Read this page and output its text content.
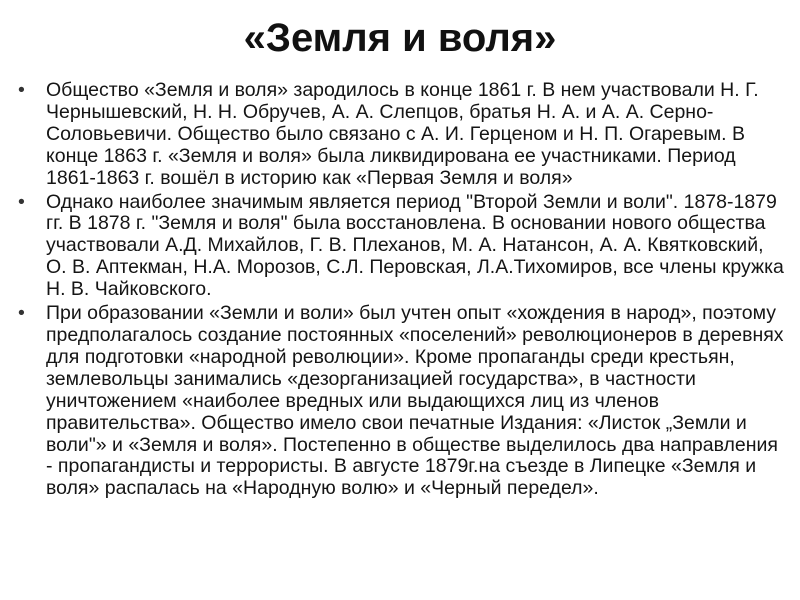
«Земля и воля»
•	Общество «Земля и воля» зародилось в конце 1861 г. В нем участвовали Н. Г. Чернышевский, Н. Н. Обручев, А. А. Слепцов, братья Н. А. и А. А. Серно-Соловьевичи. Общество было связано с А. И. Герценом и Н. П. Огаревым. В конце 1863 г. «Земля и воля» была ликвидирована ее участниками. Период 1861-1863 г. вошёл в историю как «Первая Земля и воля»
•	Однако наиболее значимым является период "Второй Земли и воли". 1878-1879 гг. В 1878 г. "Земля и воля" была восстановлена. В основании нового общества участвовали А.Д. Михайлов, Г. В. Плеханов, М. А. Натансон, А. А. Квятковский, О. В. Аптекман, Н.А. Морозов, С.Л. Перовская, Л.А.Тихомиров, все члены кружка Н. В. Чайковского.
•	При образовании «Земли и воли» был учтен опыт «хождения в народ», поэтому предполагалось создание постоянных «поселений» революционеров в деревнях для подготовки «народной революции». Кроме пропаганды среди крестьян, землевольцы занимались «дезорганизацией государства», в частности уничтожением «наиболее вредных или выдающихся лиц из членов правительства». Общество имело свои печатные Издания: «Листок „Земли и воли"» и «Земля и воля». Постепенно в обществе выделилось два направления - пропагандисты и террористы. В августе 1879г.на съезде в Липецке «Земля и воля» распалась на «Народную волю» и «Черный передел».
